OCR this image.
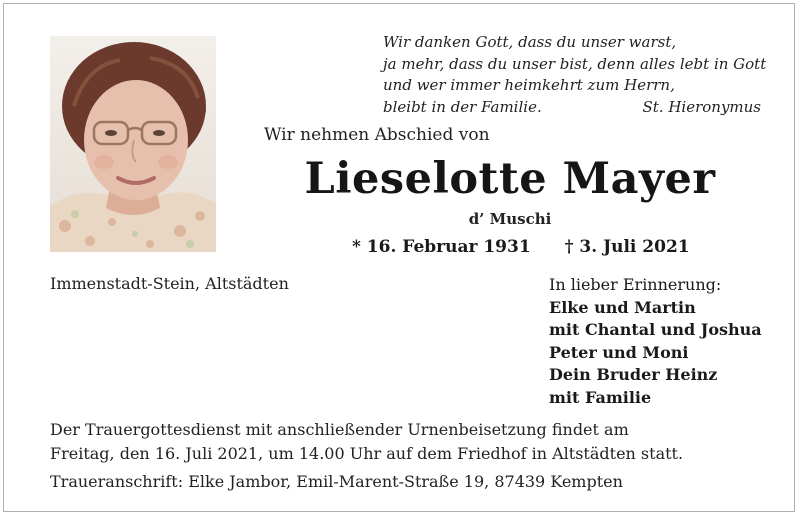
Wir danken Gott, dass du unser warst,
ja mehr, dass du unser bist, denn alles lebt in Gott
und wer immer heimkehrt zum Herrn,
bleibt in der Familie.	St. Hieronymus
Wir nehmen Abschied von
Lieselotte Mayer
d’ Muschi
* 16. Februar 1931 † 3. Juli 2021
Immenstadt-Stein, Altstädten	In lieber Erinnerung:
Elke und Martin
mit Chantal und Joshua
Peter und Moni
Dein Bruder Heinz
mit Familie
Der Trauergottesdienst mit anschließender Urnenbeisetzung findet am
Freitag, den 16. Juli 2021, um 14.00 Uhr auf dem Friedhof in Altstädten statt.
Traueranschrift: Elke Jambor, Emil-Marent-Straße 19, 87439 Kempten
